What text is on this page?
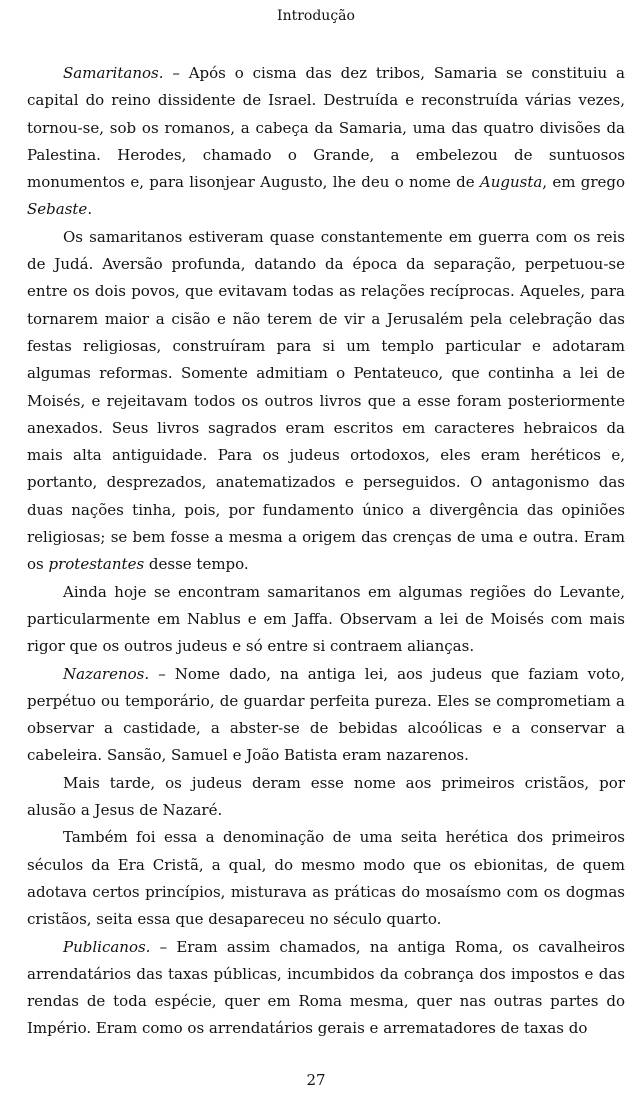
Introdução

Samaritanos. – Após o cisma das dez tribos, Samaria se constituiu a capital do reino dissidente de Israel. Destruída e reconstruída várias vezes, tornou-se, sob os romanos, a cabeça da Samaria, uma das quatro divisões da Palestina. Herodes, chamado o Grande, a embelezou de suntuosos monumentos e, para lisonjear Augusto, lhe deu o nome de Augusta, em grego Sebaste.

Os samaritanos estiveram quase constantemente em guerra com os reis de Judá. Aversão profunda, datando da época da separação, perpetuou-se entre os dois povos, que evitavam todas as relações recíprocas. Aqueles, para tornarem maior a cisão e não terem de vir a Jerusalém pela celebração das festas religiosas, construíram para si um templo particular e adotaram algumas reformas. Somente admitiam o Pentateuco, que continha a lei de Moisés, e rejeitavam todos os outros livros que a esse foram posteriormente anexados. Seus livros sagrados eram escritos em caracteres hebraicos da mais alta antiguidade. Para os judeus ortodoxos, eles eram heréticos e, portanto, desprezados, anatematizados e perseguidos. O antagonismo das duas nações tinha, pois, por fundamento único a divergência das opiniões religiosas; se bem fosse a mesma a origem das crenças de uma e outra. Eram os protestantes desse tempo.

Ainda hoje se encontram samaritanos em algumas regiões do Levante, particularmente em Nablus e em Jaffa. Observam a lei de Moisés com mais rigor que os outros judeus e só entre si contraem alianças.

Nazarenos. – Nome dado, na antiga lei, aos judeus que faziam voto, perpétuo ou temporário, de guardar perfeita pureza. Eles se comprometiam a observar a castidade, a abster-se de bebidas alcoólicas e a conservar a cabeleira. Sansão, Samuel e João Batista eram nazarenos.

Mais tarde, os judeus deram esse nome aos primeiros cristãos, por alusão a Jesus de Nazaré.

Também foi essa a denominação de uma seita herética dos primeiros séculos da Era Cristã, a qual, do mesmo modo que os ebionitas, de quem adotava certos princípios, misturava as práticas do mosaísmo com os dogmas cristãos, seita essa que desapareceu no século quarto.

Publicanos. – Eram assim chamados, na antiga Roma, os cavalheiros arrendatários das taxas públicas, incumbidos da cobrança dos impostos e das rendas de toda espécie, quer em Roma mesma, quer nas outras partes do Império. Eram como os arrendatários gerais e arrematadores de taxas do

27
